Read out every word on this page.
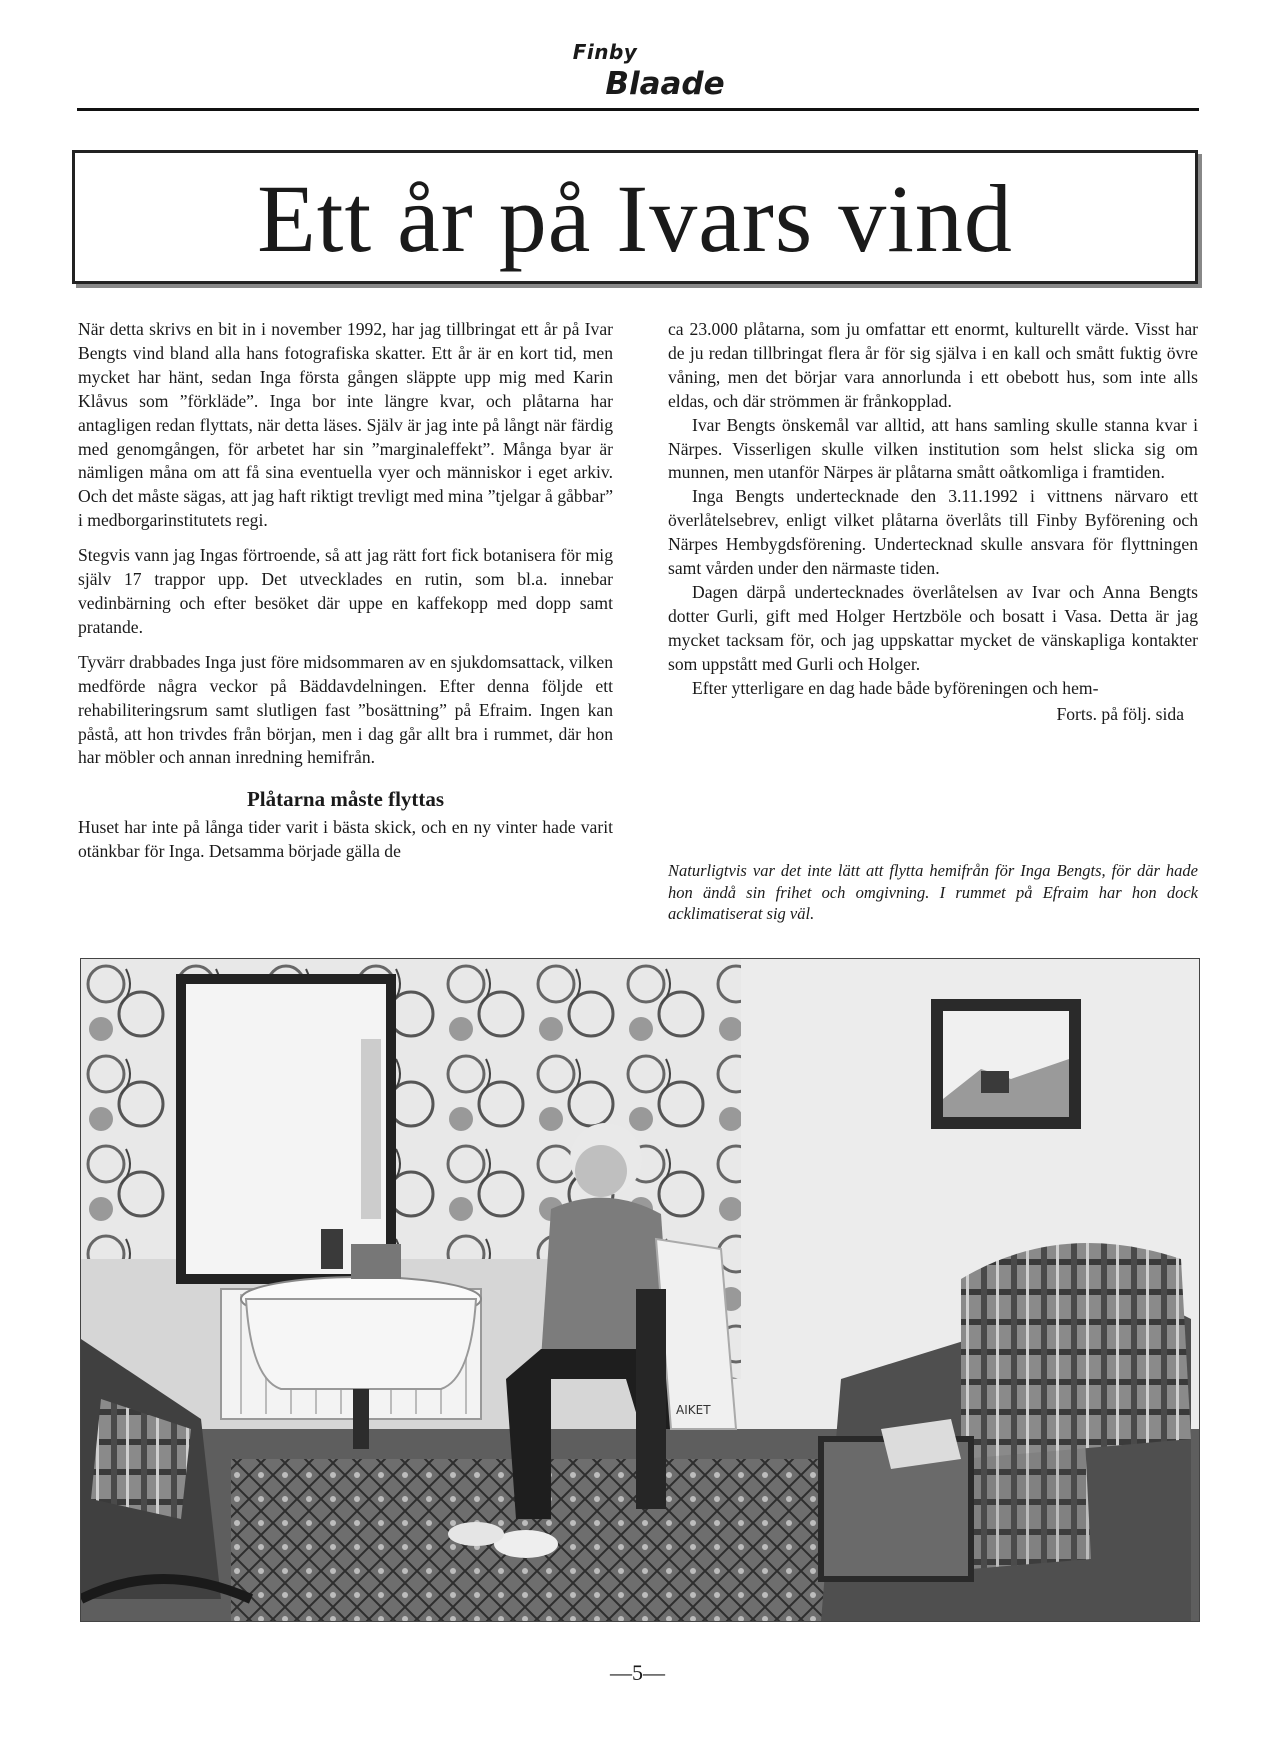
Finby
Blaade
Ett år på Ivars vind

När detta skrivs en bit in i november 1992, har jag tillbringat ett år på Ivar Bengts vind bland alla hans fotografiska skatter. Ett år är en kort tid, men mycket har hänt, sedan Inga första gången släppte upp mig med Karin Klåvus som ”förkläde”. Inga bor inte längre kvar, och plåtarna har antagligen redan flyttats, när detta läses. Själv är jag inte på långt när färdig med genomgången, för arbetet har sin ”marginaleffekt”. Många byar är nämligen måna om att få sina eventuella vyer och människor i eget arkiv. Och det måste sägas, att jag haft riktigt trevligt med mina ”tjelgar å gåbbar” i medborgarinstitutets regi.

Stegvis vann jag Ingas förtroende, så att jag rätt fort fick botanisera för mig själv 17 trappor upp. Det utvecklades en rutin, som bl.a. innebar vedinbärning och efter besöket där uppe en kaffekopp med dopp samt pratande.

Tyvärr drabbades Inga just före midsommaren av en sjukdomsattack, vilken medförde några veckor på Bäddavdelningen. Efter denna följde ett rehabiliteringsrum samt slutligen fast ”bosättning” på Efraim. Ingen kan påstå, att hon trivdes från början, men i dag går allt bra i rummet, där hon har möbler och annan inredning hemifrån.

Plåtarna måste flyttas

Huset har inte på långa tider varit i bästa skick, och en ny vinter hade varit otänkbar för Inga. Detsamma började gälla de

ca 23.000 plåtarna, som ju omfattar ett enormt, kulturellt värde. Visst har de ju redan tillbringat flera år för sig själva i en kall och smått fuktig övre våning, men det börjar vara annorlunda i ett obebott hus, som inte alls eldas, och där strömmen är frånkopplad.

Ivar Bengts önskemål var alltid, att hans samling skulle stanna kvar i Närpes. Visserligen skulle vilken institution som helst slicka sig om munnen, men utanför Närpes är plåtarna smått oåtkomliga i framtiden.

Inga Bengts undertecknade den 3.11.1992 i vittnens närvaro ett överlåtelsebrev, enligt vilket plåtarna överlåts till Finby Byförening och Närpes Hembygdsförening. Undertecknad skulle ansvara för flyttningen samt vården under den närmaste tiden.

Dagen därpå undertecknades överlåtelsen av Ivar och Anna Bengts dotter Gurli, gift med Holger Hertzböle och bosatt i Vasa. Detta är jag mycket tacksam för, och jag uppskattar mycket de vänskapliga kontakter som uppstått med Gurli och Holger.

Efter ytterligare en dag hade både byföreningen och hem-

Forts. på följ. sida
Naturligtvis var det inte lätt att flytta hemifrån för Inga Bengts, för där hade hon ändå sin frihet och omgivning. I rummet på Efraim har hon dock acklimatiserat sig väl.
AIKET
—5—
